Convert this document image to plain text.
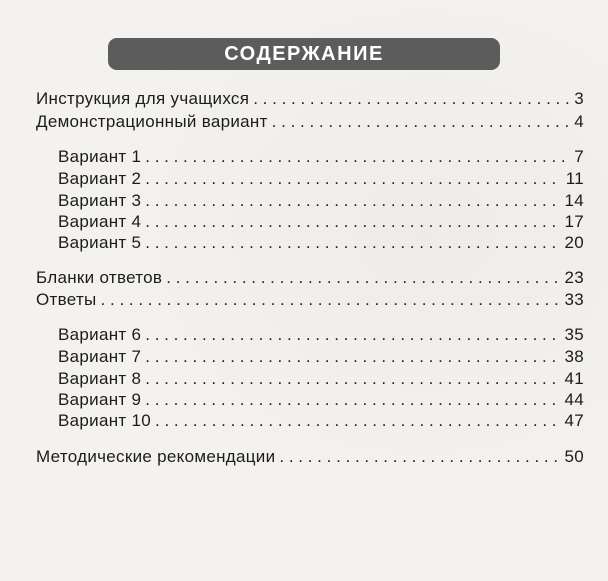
СОДЕРЖАНИЕ
Инструкция для учащихся . . .	3
Демонстрационный вариант . . .	4
Вариант 1 . . .	7
Вариант 2 . . .	11
Вариант 3 . . .	14
Вариант 4 . . .	17
Вариант 5 . . .	20
Бланки ответов . . .	23
Ответы . . .	33
Вариант 6 . . .	35
Вариант 7 . . .	38
Вариант 8 . . .	41
Вариант 9 . . .	44
Вариант 10 . . .	47
Методические рекомендации . . .	50
